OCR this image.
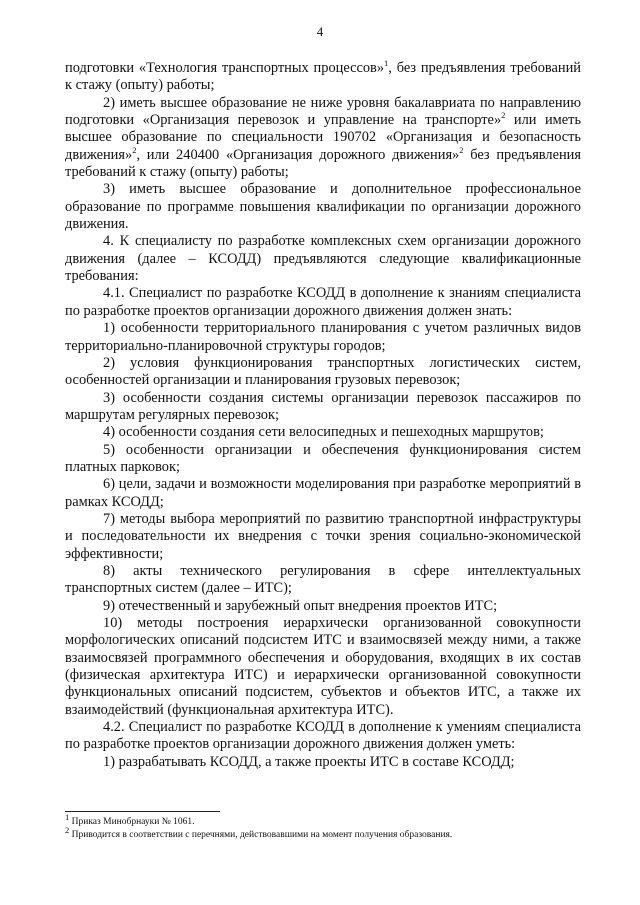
4

подготовки «Технология транспортных процессов»$^1$, без предъявления требований к стажу (опыту) работы;

2) иметь высшее образование не ниже уровня бакалавриата по направлению подготовки «Организация перевозок и управление на транспорте»$^2$ или иметь высшее образование по специальности 190702 «Организация и безопасность движения»$^2$, или 240400 «Организация дорожного движения»$^2$ без предъявления требований к стажу (опыту) работы;

3) иметь высшее образование и дополнительное профессиональное образование по программе повышения квалификации по организации дорожного движения.

4. К специалисту по разработке комплексных схем организации дорожного движения (далее – КСОДД) предъявляются следующие квалификационные требования:

4.1. Специалист по разработке КСОДД в дополнение к знаниям специалиста по разработке проектов организации дорожного движения должен знать:

1) особенности территориального планирования с учетом различных видов территориально-планировочной структуры городов;

2) условия функционирования транспортных логистических систем, особенностей организации и планирования грузовых перевозок;

3) особенности создания системы организации перевозок пассажиров по маршрутам регулярных перевозок;

4) особенности создания сети велосипедных и пешеходных маршрутов;

5) особенности организации и обеспечения функционирования систем платных парковок;

6) цели, задачи и возможности моделирования при разработке мероприятий в рамках КСОДД;

7) методы выбора мероприятий по развитию транспортной инфраструктуры и последовательности их внедрения с точки зрения социально-экономической эффективности;

8) акты технического регулирования в сфере интеллектуальных транспортных систем (далее – ИТС);

9) отечественный и зарубежный опыт внедрения проектов ИТС;

10) методы построения иерархически организованной совокупности морфологических описаний подсистем ИТС и взаимосвязей между ними, а также взаимосвязей программного обеспечения и оборудования, входящих в их состав (физическая архитектура ИТС) и иерархически организованной совокупности функциональных описаний подсистем, субъектов и объектов ИТС, а также их взаимодействий (функциональная архитектура ИТС).

4.2. Специалист по разработке КСОДД в дополнение к умениям специалиста по разработке проектов организации дорожного движения должен уметь:

1) разрабатывать КСОДД, а также проекты ИТС в составе КСОДД;

$^1$ Приказ Минобрнауки № 1061.

$^2$ Приводится в соответствии с перечнями, действовавшими на момент получения образования.
